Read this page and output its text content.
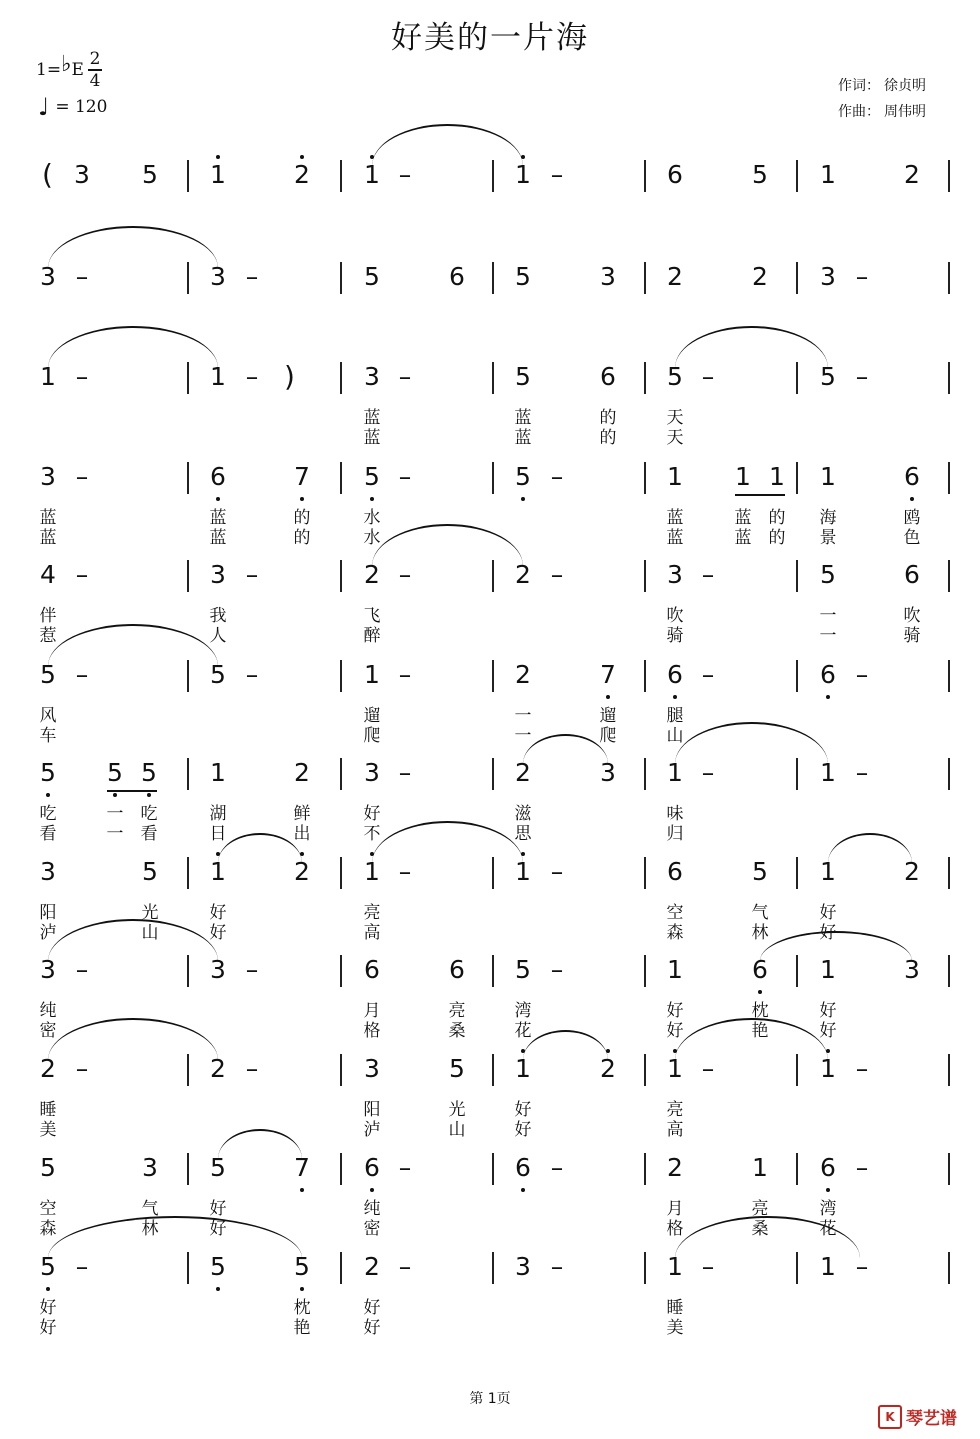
好美的一片海
1=♭E
2
4
♩ = 120
作词： 徐贞明
作曲： 周伟明
( 3 5 1	2 1 –	1 –	6	5 1	2
3 –	3 –	5	6 5	3 2	2 3 –
1 –	1 – )	3 –	5	6 5 –	5 –
蓝	蓝	的	天
蓝	蓝	的	天
3 –	6	7 5 –	5 –	1 1 1 1	6
蓝	蓝	的	水	蓝	蓝 的 海	鸥
蓝	蓝	的	水	蓝	蓝 的 景	色
4 –	3 –	2 –	2 –	3 –	5	6
伴	我	飞	吹	一	吹
惹	人	醉	骑	一	骑
5 –	5 –	1 –	2	7 6 –	6 –
风	遛	一	遛	腿
车	爬	一	爬	山
5 5 5 1	2 3 –	2	3 1 –	1 –
吃	一 吃	湖	鲜	好	滋	味
看	一 看	日	出	不	思	归
3	5 1	2 1 –	1 –	6	5 1	2
阳	光	好	亮	空	气	好
泸	山	好	高	森	林	好
3 –	3 –	6	6 5 –	1	6 1	3
纯	月	亮	湾	好	枕	好
密	格	桑	花	好	艳	好
2 –	2 –	3	5 1	2 1 –	1 –
睡	阳	光	好	亮
美	泸	山	好	高
5	3 5	7 6 –	6 –	2	1 6 –
空	气	好	纯	月	亮	湾
森	林	好	密	格	桑	花
5 –	5	5 2 –	3 –	1 –	1 –
好	枕	好	睡
好	艳	好	美
第 1页
K 琴艺谱
